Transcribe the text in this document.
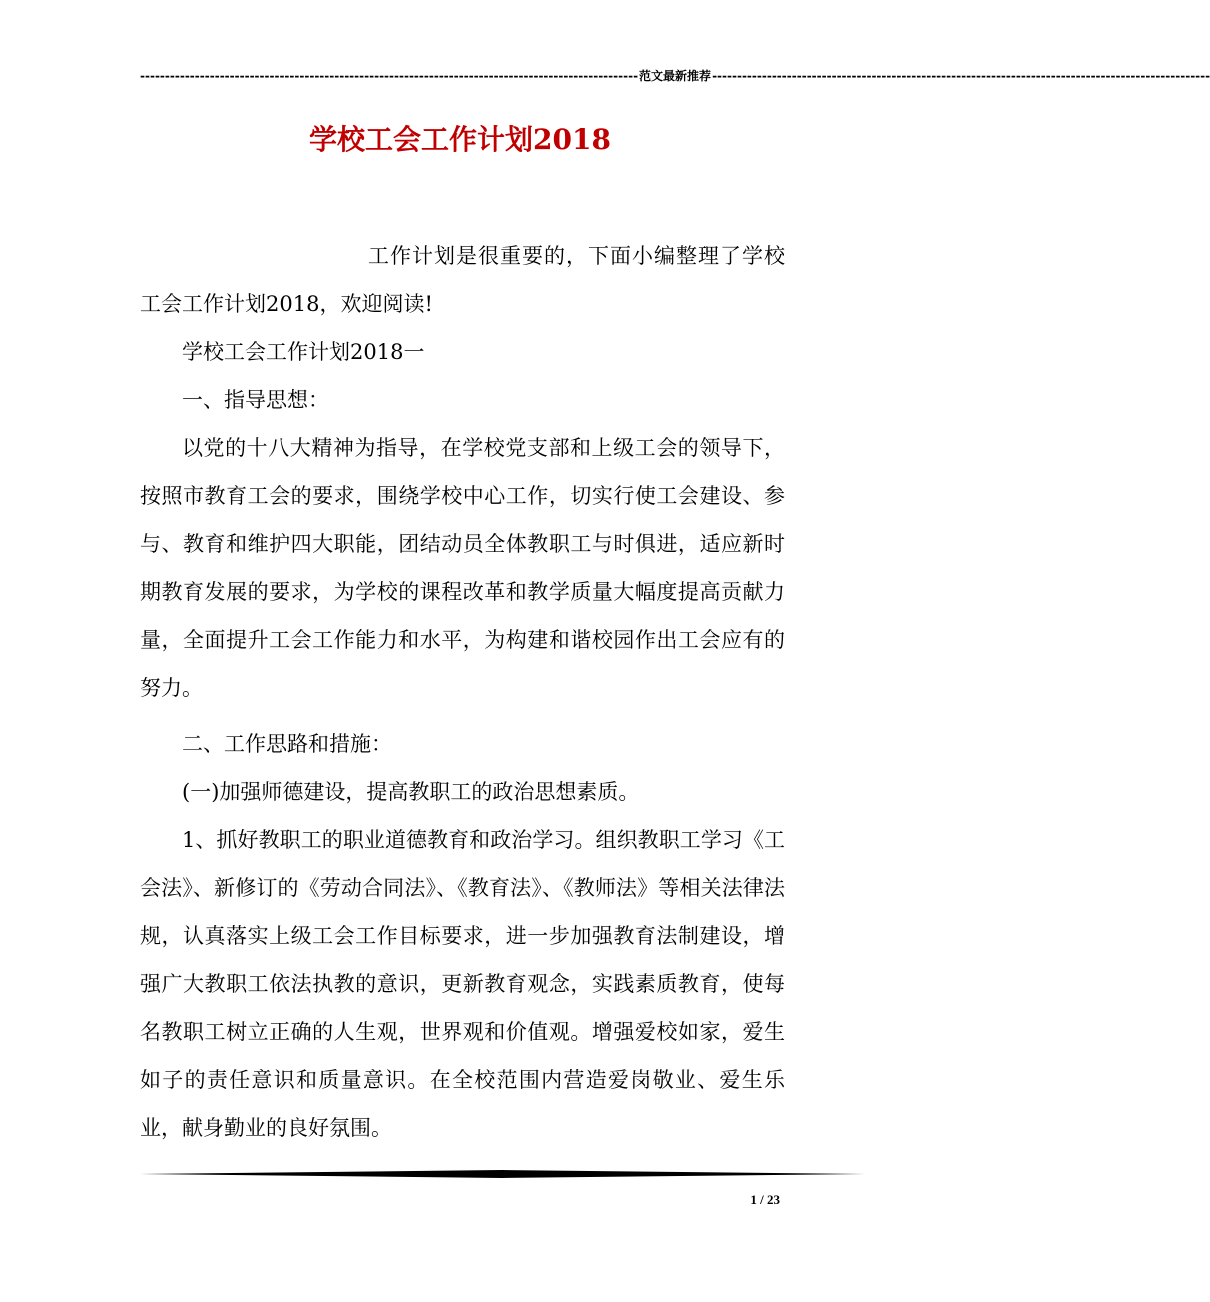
---------------------------------------------------------------------------------------------------- 范文最新推荐 ----------------------------------------------------------------------------------------------------
学校工会工作计划2018

工作计划是很重要的，下面小编整理了学校工会工作计划2018，欢迎阅读!

学校工会工作计划2018一

一、指导思想：

以党的十八大精神为指导，在学校党支部和上级工会的领导下，按照市教育工会的要求，围绕学校中心工作，切实行使工会建设、参与、教育和维护四大职能，团结动员全体教职工与时俱进，适应新时期教育发展的要求，为学校的课程改革和教学质量大幅度提高贡献力量，全面提升工会工作能力和水平，为构建和谐校园作出工会应有的努力。

二、工作思路和措施：

(一)加强师德建设，提高教职工的政治思想素质。

1、抓好教职工的职业道德教育和政治学习。组织教职工学习《工会法》、新修订的《劳动合同法》、《教育法》、《教师法》等相关法律法规，认真落实上级工会工作目标要求，进一步加强教育法制建设，增强广大教职工依法执教的意识，更新教育观念，实践素质教育，使每名教职工树立正确的人生观，世界观和价值观。增强爱校如家，爱生如子的责任意识和质量意识。在全校范围内营造爱岗敬业、爱生乐业，献身勤业的良好氛围。

1 / 23
